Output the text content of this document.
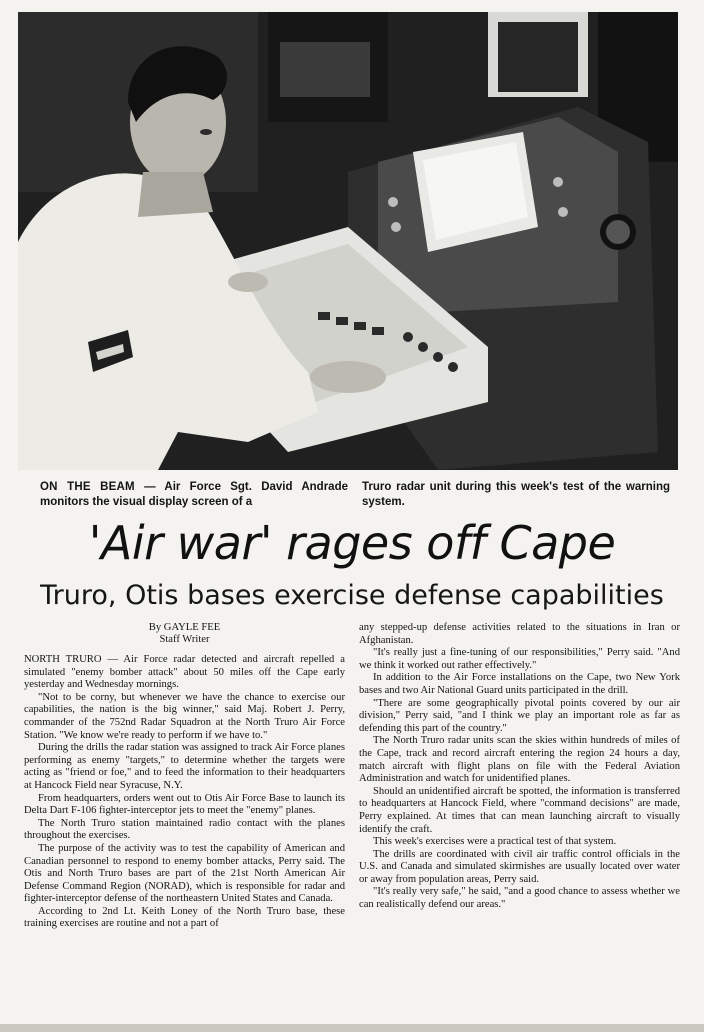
ON THE BEAM — Air Force Sgt. David Andrade monitors the visual display screen of a
Truro radar unit during this week's test of the warning system.
'Air war' rages off Cape
Truro, Otis bases exercise defense capabilities
By GAYLE FEE
Staff Writer

NORTH TRURO — Air Force radar detected and aircraft repelled a simulated "enemy bomber attack" about 50 miles off the Cape early yesterday and Wednesday mornings.

"Not to be corny, but whenever we have the chance to exercise our capabilities, the nation is the big winner," said Maj. Robert J. Perry, commander of the 752nd Radar Squadron at the North Truro Air Force Station. "We know we're ready to perform if we have to."

During the drills the radar station was assigned to track Air Force planes performing as enemy "targets," to determine whether the targets were acting as "friend or foe," and to feed the information to their headquarters at Hancock Field near Syracuse, N.Y.

From headquarters, orders went out to Otis Air Force Base to launch its Delta Dart F-106 fighter-interceptor jets to meet the "enemy" planes.

The North Truro station maintained radio contact with the planes throughout the exercises.

The purpose of the activity was to test the capability of American and Canadian personnel to respond to enemy bomber attacks, Perry said. The Otis and North Truro bases are part of the 21st North American Air Defense Command Region (NORAD), which is responsible for radar and fighter-interceptor defense of the northeastern United States and Canada.

According to 2nd Lt. Keith Loney of the North Truro base, these training exercises are routine and not a part of

any stepped-up defense activities related to the situations in Iran or Afghanistan.

"It's really just a fine-tuning of our responsibilities," Perry said. "And we think it worked out rather effectively."

In addition to the Air Force installations on the Cape, two New York bases and two Air National Guard units participated in the drill.

"There are some geographically pivotal points covered by our air division," Perry said, "and I think we play an important role as far as defending this part of the country."

The North Truro radar units scan the skies within hundreds of miles of the Cape, track and record aircraft entering the region 24 hours a day, match aircraft with flight plans on file with the Federal Aviation Administration and watch for unidentified planes.

Should an unidentified aircraft be spotted, the information is transferred to headquarters at Hancock Field, where "command decisions" are made, Perry explained. At times that can mean launching aircraft to visually identify the craft.

This week's exercises were a practical test of that system.

The drills are coordinated with civil air traffic control officials in the U.S. and Canada and simulated skirmishes are usually located over water or away from population areas, Perry said.

"It's really very safe," he said, "and a good chance to assess whether we can realistically defend our areas."
